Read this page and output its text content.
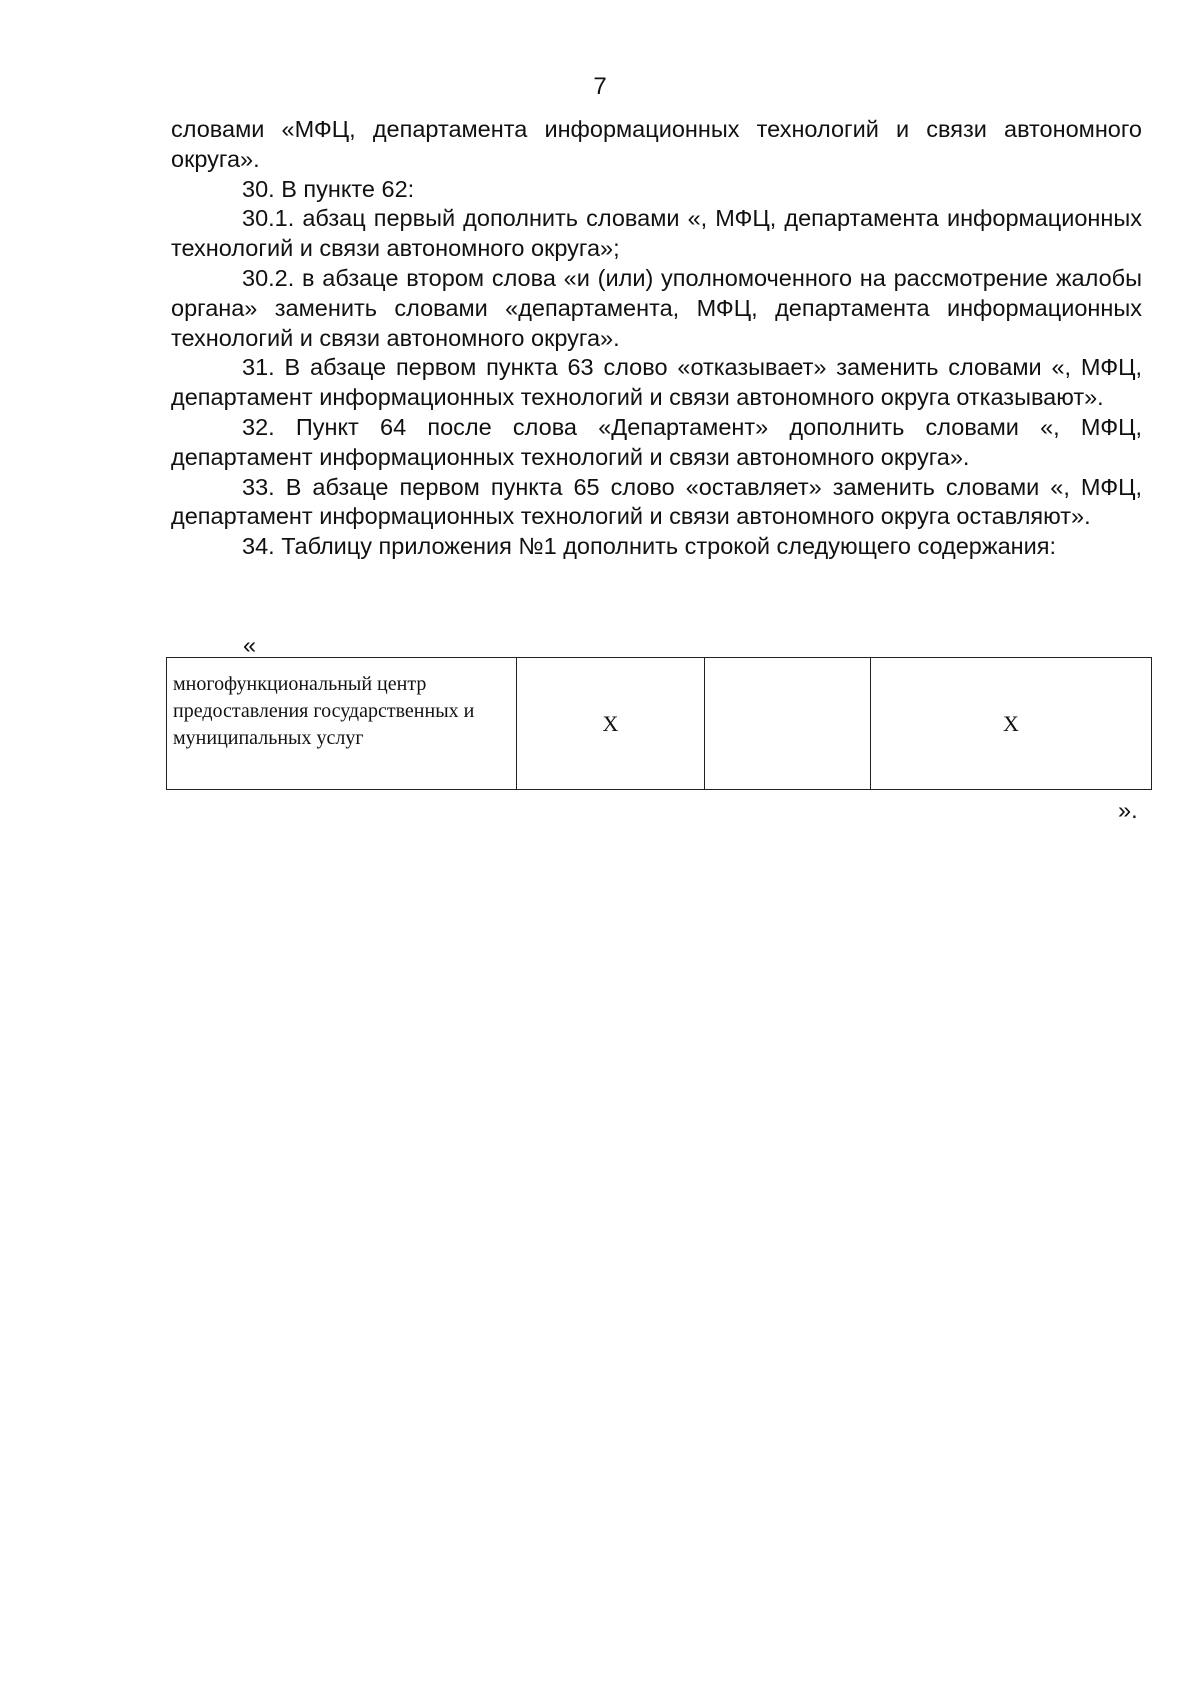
7

словами «МФЦ, департамента информационных технологий и связи автономного округа».

30. В пункте 62:

30.1. абзац первый дополнить словами «, МФЦ, департамента информационных технологий и связи автономного округа»;

30.2. в абзаце втором слова «и (или) уполномоченного на рассмотрение жалобы органа» заменить словами «департамента, МФЦ, департамента информационных технологий и связи автономного округа».

31. В абзаце первом пункта 63 слово «отказывает» заменить словами «, МФЦ, департамент информационных технологий и связи автономного округа отказывают».

32. Пункт 64 после слова «Департамент» дополнить словами «, МФЦ, департамент информационных технологий и связи автономного округа».

33. В абзаце первом пункта 65 слово «оставляет» заменить словами «, МФЦ, департамент информационных технологий и связи автономного округа оставляют».

34. Таблицу приложения №1 дополнить строкой следующего содержания:

«
многофункциональный центр предоставления государственных и муниципальных услуг	Х		Х
».
